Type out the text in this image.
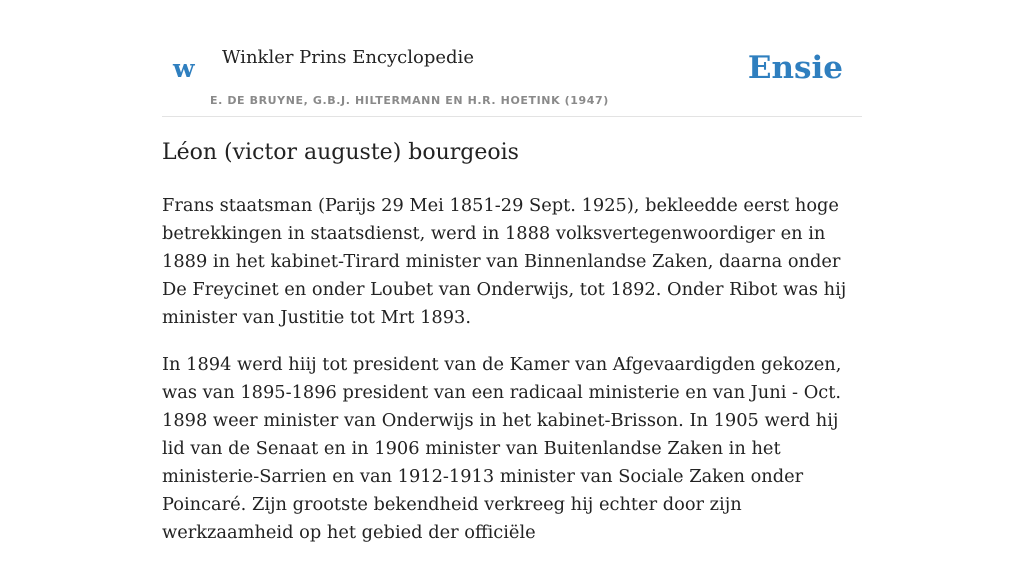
w Winkler Prins Encyclopedie
E. DE BRUYNE, G.B.J. HILTERMANN EN H.R. HOETINK (1947)
Ensie
Léon (victor auguste) bourgeois

Frans staatsman (Parijs 29 Mei 1851-29 Sept. 1925), bekleedde eerst hoge betrekkingen in staatsdienst, werd in 1888 volksvertegenwoordiger en in 1889 in het kabinet-Tirard minister van Binnenlandse Zaken, daarna onder De Freycinet en onder Loubet van Onderwijs, tot 1892. Onder Ribot was hij minister van Justitie tot Mrt 1893.

In 1894 werd hiij tot president van de Kamer van Afgevaardigden gekozen, was van 1895-1896 president van een radicaal ministerie en van Juni - Oct. 1898 weer minister van Onderwijs in het kabinet-Brisson. In 1905 werd hij lid van de Senaat en in 1906 minister van Buitenlandse Zaken in het ministerie-Sarrien en van 1912-1913 minister van Sociale Zaken onder Poincaré. Zijn grootste bekendheid verkreeg hij echter door zijn werkzaamheid op het gebied der officiële
